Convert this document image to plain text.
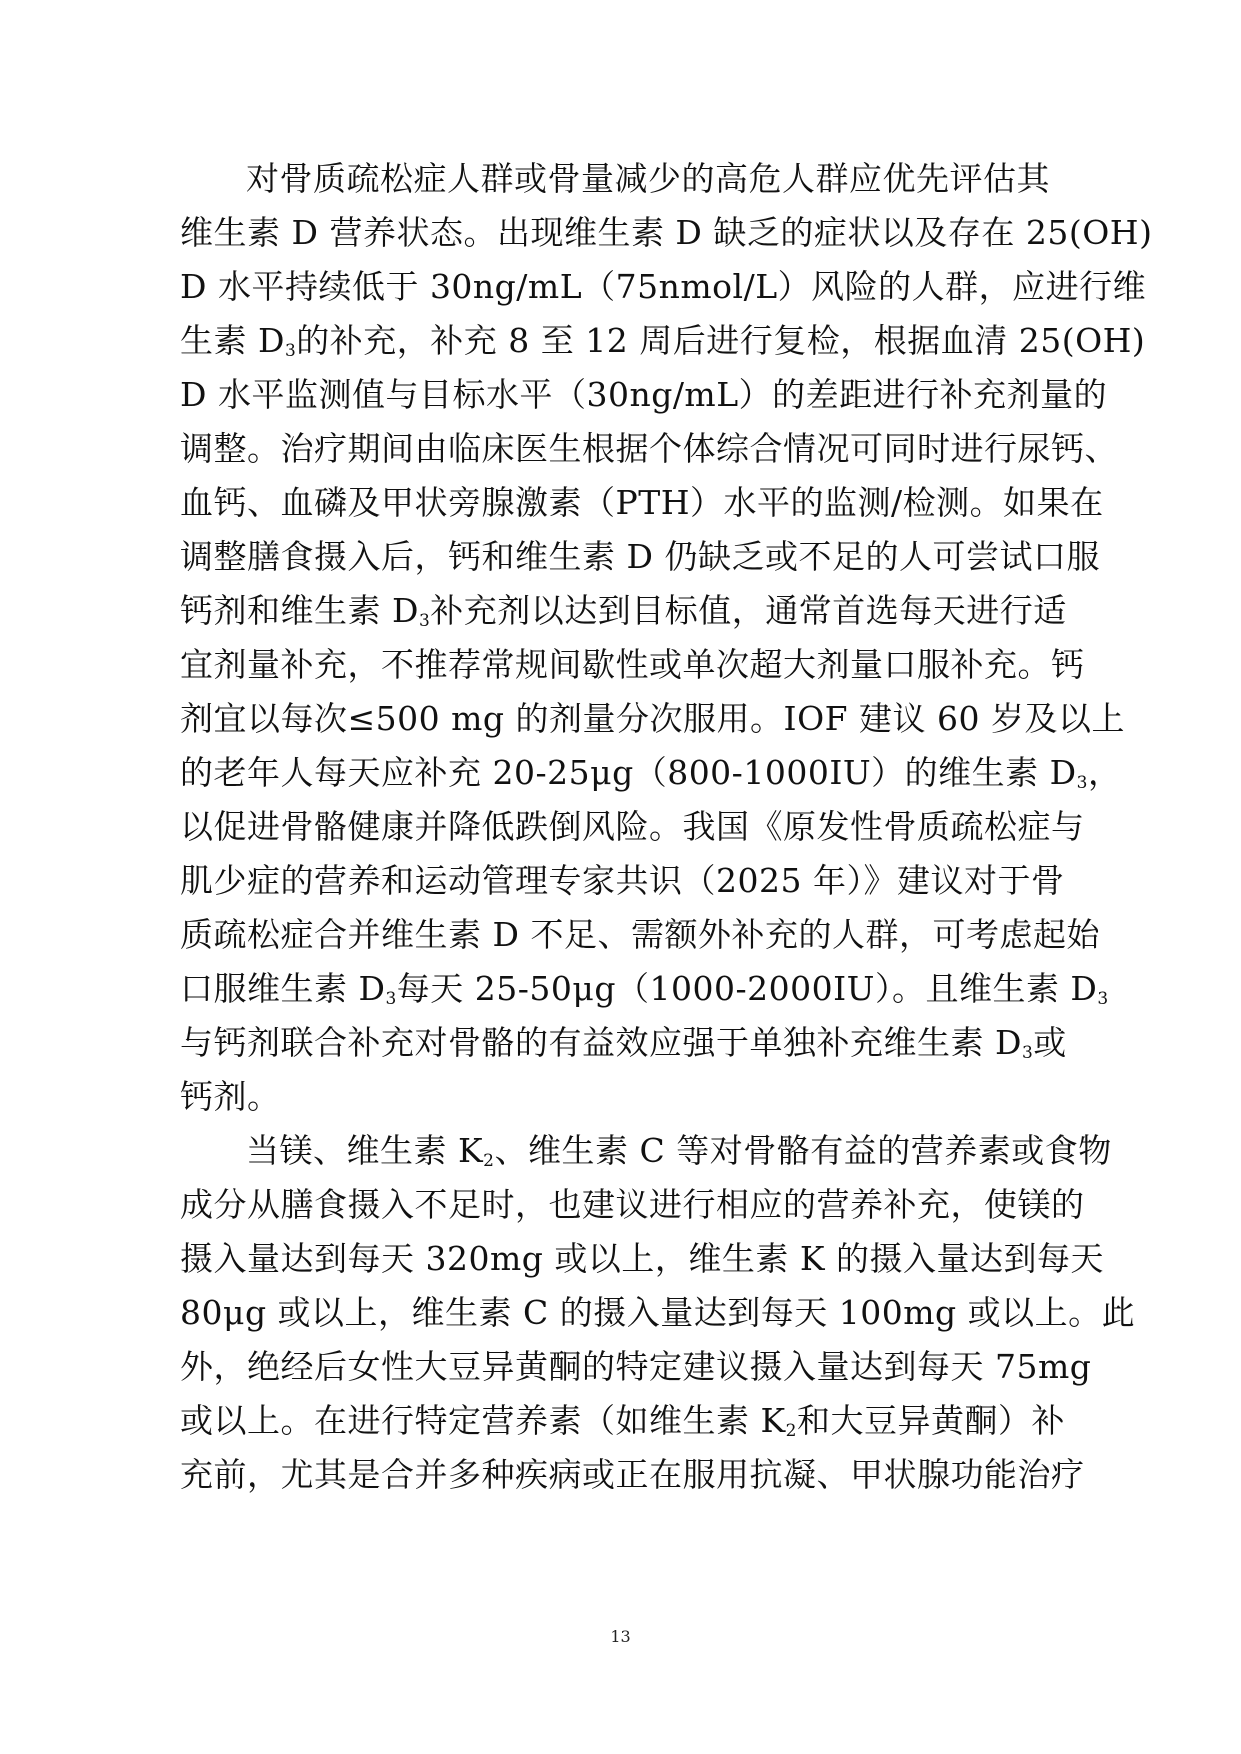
对骨质疏松症人群或骨量减少的高危人群应优先评估其
维生素 D 营养状态。出现维生素 D 缺乏的症状以及存在 25(OH)
D 水平持续低于 30ng/mL（75nmol/L）风险的人群，应进行维
生素 $D_3$的补充，补充 8 至 12 周后进行复检，根据血清 25(OH)
D 水平监测值与目标水平（30ng/mL）的差距进行补充剂量的
调整。治疗期间由临床医生根据个体综合情况可同时进行尿钙、
血钙、血磷及甲状旁腺激素（PTH）水平的监测/检测。如果在
调整膳食摄入后，钙和维生素 D 仍缺乏或不足的人可尝试口服
钙剂和维生素 $D_3$补充剂以达到目标值，通常首选每天进行适
宜剂量补充，不推荐常规间歇性或单次超大剂量口服补充。钙
剂宜以每次≤500 mg 的剂量分次服用。IOF 建议 60 岁及以上
的老年人每天应补充 20-25μg（800-1000IU）的维生素 $D_3$，
以促进骨骼健康并降低跌倒风险。我国《原发性骨质疏松症与
肌少症的营养和运动管理专家共识（2025 年）》建议对于骨
质疏松症合并维生素 D 不足、需额外补充的人群，可考虑起始
口服维生素 $D_3$每天 25-50μg（1000-2000IU）。且维生素 $D_3$
与钙剂联合补充对骨骼的有益效应强于单独补充维生素 $D_3$或
钙剂。

当镁、维生素 $K_2$、维生素 C 等对骨骼有益的营养素或食物
成分从膳食摄入不足时，也建议进行相应的营养补充，使镁的
摄入量达到每天 320mg 或以上，维生素 K 的摄入量达到每天
80μg 或以上，维生素 C 的摄入量达到每天 100mg 或以上。此
外，绝经后女性大豆异黄酮的特定建议摄入量达到每天 75mg
或以上。在进行特定营养素（如维生素 $K_2$和大豆异黄酮）补
充前，尤其是合并多种疾病或正在服用抗凝、甲状腺功能治疗

13
